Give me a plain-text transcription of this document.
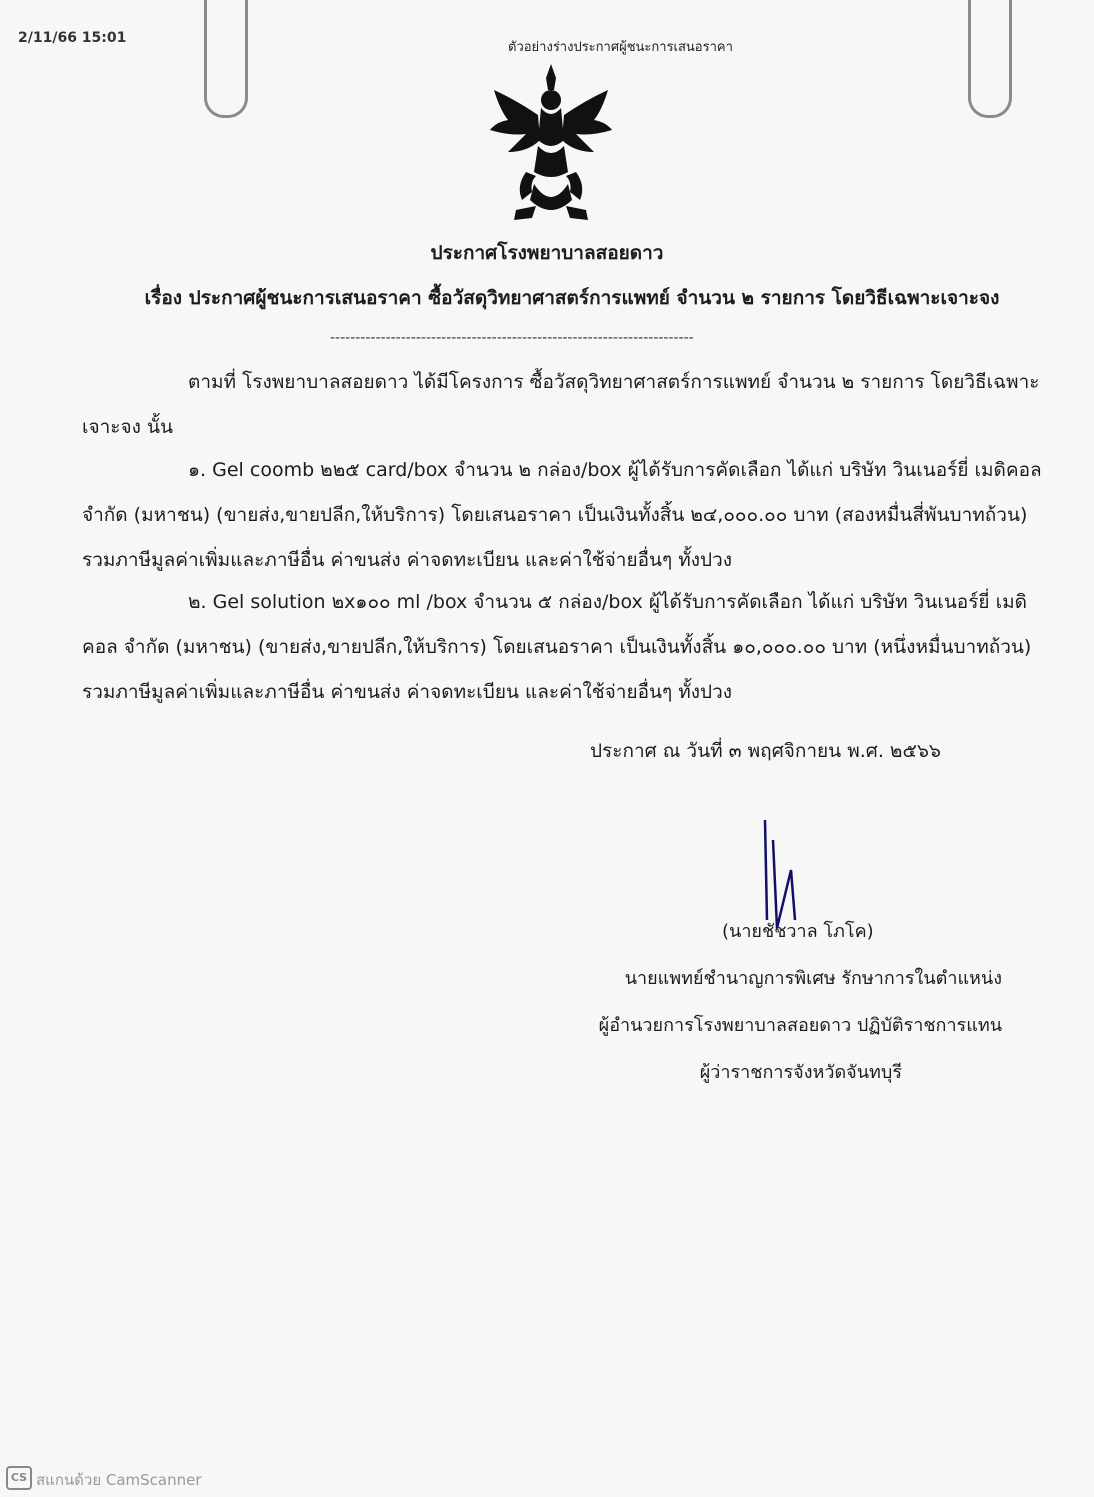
2/11/66 15:01
ตัวอย่างร่างประกาศผู้ชนะการเสนอราคา
ประกาศโรงพยาบาลสอยดาว
เรื่อง ประกาศผู้ชนะการเสนอราคา ซื้อวัสดุวิทยาศาสตร์การแพทย์ จำนวน ๒ รายการ โดยวิธีเฉพาะเจาะจง
------------------------------------------------------------------------
ตามที่ โรงพยาบาลสอยดาว ได้มีโครงการ ซื้อวัสดุวิทยาศาสตร์การแพทย์ จำนวน ๒ รายการ โดยวิธีเฉพาะเจาะจง นั้น
๑. Gel coomb ๒๒๕ card/box จำนวน ๒ กล่อง/box ผู้ได้รับการคัดเลือก ได้แก่ บริษัท วินเนอร์ยี่ เมดิคอล จำกัด (มหาชน) (ขายส่ง,ขายปลีก,ให้บริการ) โดยเสนอราคา เป็นเงินทั้งสิ้น ๒๔,๐๐๐.๐๐ บาท (สองหมื่นสี่พันบาทถ้วน) รวมภาษีมูลค่าเพิ่มและภาษีอื่น ค่าขนส่ง ค่าจดทะเบียน และค่าใช้จ่ายอื่นๆ ทั้งปวง
๒. Gel solution ๒x๑๐๐ ml /box จำนวน ๕ กล่อง/box ผู้ได้รับการคัดเลือก ได้แก่ บริษัท วินเนอร์ยี่ เมดิคอล จำกัด (มหาชน) (ขายส่ง,ขายปลีก,ให้บริการ) โดยเสนอราคา เป็นเงินทั้งสิ้น ๑๐,๐๐๐.๐๐ บาท (หนึ่งหมื่นบาทถ้วน) รวมภาษีมูลค่าเพิ่มและภาษีอื่น ค่าขนส่ง ค่าจดทะเบียน และค่าใช้จ่ายอื่นๆ ทั้งปวง
ประกาศ ณ วันที่ ๓ พฤศจิกายน พ.ศ. ๒๕๖๖
(นายชัชวาล โภโค)
นายแพทย์ชำนาญการพิเศษ รักษาการในตำแหน่ง
ผู้อำนวยการโรงพยาบาลสอยดาว ปฏิบัติราชการแทน
ผู้ว่าราชการจังหวัดจันทบุรี
CS สแกนด้วย CamScanner
